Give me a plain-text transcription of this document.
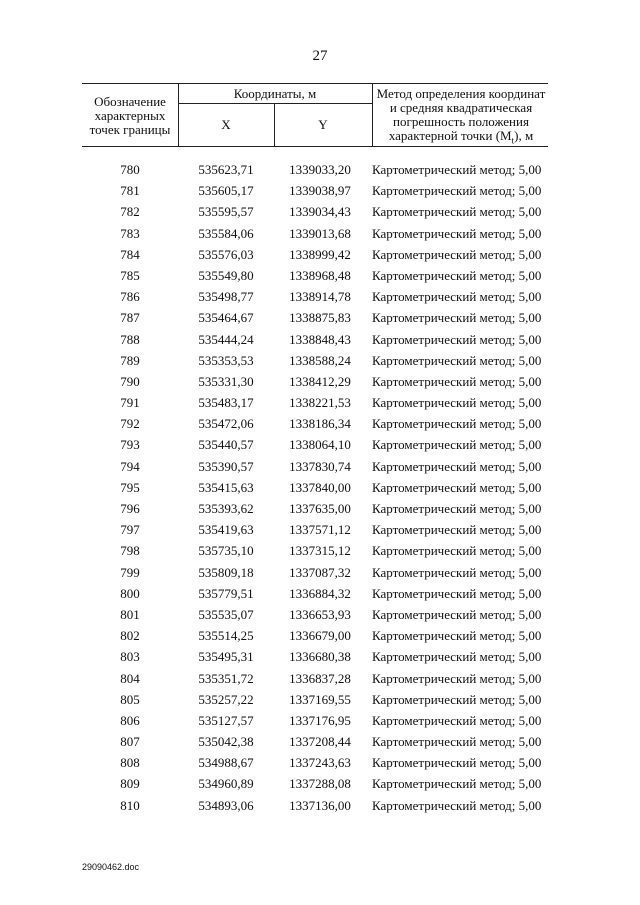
27
Обозначение характерных точек границы
Координаты, м
X	Y
Метод определения координат и средняя квадратическая погрешность положения характерной точки $(M_t)$, м
780	535623,71	1339033,20	Картометрический метод; 5,00
781	535605,17	1339038,97	Картометрический метод; 5,00
782	535595,57	1339034,43	Картометрический метод; 5,00
783	535584,06	1339013,68	Картометрический метод; 5,00
784	535576,03	1338999,42	Картометрический метод; 5,00
785	535549,80	1338968,48	Картометрический метод; 5,00
786	535498,77	1338914,78	Картометрический метод; 5,00
787	535464,67	1338875,83	Картометрический метод; 5,00
788	535444,24	1338848,43	Картометрический метод; 5,00
789	535353,53	1338588,24	Картометрический метод; 5,00
790	535331,30	1338412,29	Картометрический метод; 5,00
791	535483,17	1338221,53	Картометрический метод; 5,00
792	535472,06	1338186,34	Картометрический метод; 5,00
793	535440,57	1338064,10	Картометрический метод; 5,00
794	535390,57	1337830,74	Картометрический метод; 5,00
795	535415,63	1337840,00	Картометрический метод; 5,00
796	535393,62	1337635,00	Картометрический метод; 5,00
797	535419,63	1337571,12	Картометрический метод; 5,00
798	535735,10	1337315,12	Картометрический метод; 5,00
799	535809,18	1337087,32	Картометрический метод; 5,00
800	535779,51	1336884,32	Картометрический метод; 5,00
801	535535,07	1336653,93	Картометрический метод; 5,00
802	535514,25	1336679,00	Картометрический метод; 5,00
803	535495,31	1336680,38	Картометрический метод; 5,00
804	535351,72	1336837,28	Картометрический метод; 5,00
805	535257,22	1337169,55	Картометрический метод; 5,00
806	535127,57	1337176,95	Картометрический метод; 5,00
807	535042,38	1337208,44	Картометрический метод; 5,00
808	534988,67	1337243,63	Картометрический метод; 5,00
809	534960,89	1337288,08	Картометрический метод; 5,00
810	534893,06	1337136,00	Картометрический метод; 5,00
29090462.doc
